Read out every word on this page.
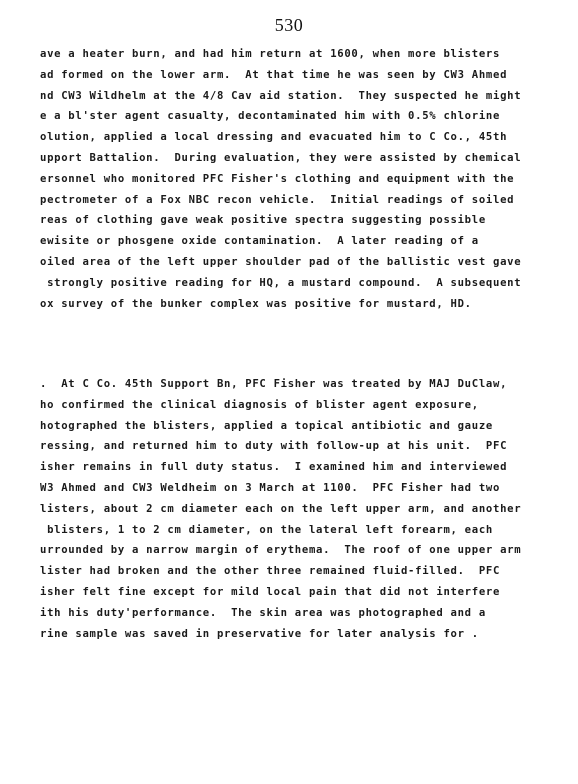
530
ave a heater burn, and had him return at 1600, when more blisters
ad formed on the lower arm.  At that time he was seen by CW3 Ahmed
nd CW3 Wildhelm at the 4/8 Cav aid station.  They suspected he might
e a bl'ster agent casualty, decontaminated him with 0.5% chlorine
olution, applied a local dressing and evacuated him to C Co., 45th
upport Battalion.  During evaluation, they were assisted by chemical
ersonnel who monitored PFC Fisher's clothing and equipment with the
pectrometer of a Fox NBC recon vehicle.  Initial readings of soiled
reas of clothing gave weak positive spectra suggesting possible
ewisite or phosgene oxide contamination.  A later reading of a
oiled area of the left upper shoulder pad of the ballistic vest gave
strongly positive reading for HQ, a mustard compound.  A subsequent
ox survey of the bunker complex was positive for mustard, HD.
.  At C Co. 45th Support Bn, PFC Fisher was treated by MAJ DuClaw,
ho confirmed the clinical diagnosis of blister agent exposure,
hotographed the blisters, applied a topical antibiotic and gauze
ressing, and returned him to duty with follow-up at his unit.  PFC
isher remains in full duty status.  I examined him and interviewed
W3 Ahmed and CW3 Weldheim on 3 March at 1100.  PFC Fisher had two
listers, about 2 cm diameter each on the left upper arm, and another
blisters, 1 to 2 cm diameter, on the lateral left forearm, each
urrounded by a narrow margin of erythema.  The roof of one upper arm
lister had broken and the other three remained fluid-filled.  PFC
isher felt fine except for mild local pain that did not interfere
ith his duty'performance.  The skin area was photographed and a
rine sample was saved in preservative for later analysis for .
